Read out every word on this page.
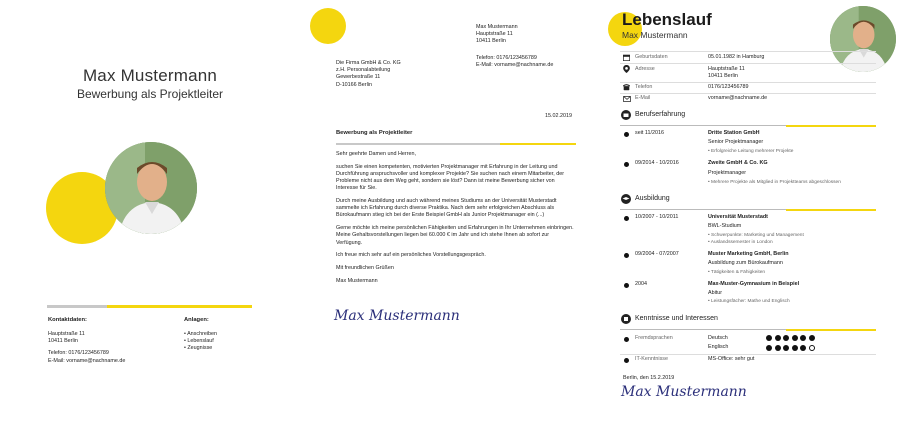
Max Mustermann
Bewerbung als Projektleiter
Kontaktdaten:
Hauptstraße 11
10411 Berlin
Telefon: 0176/123456789
E-Mail: vorname@nachname.de
Anlagen:
• Anschreiben
• Lebenslauf
• Zeugnisse
Max Mustermann
Hauptstraße 11
10411 Berlin
Telefon: 0176/123456789
E-Mail: vorname@nachname.de
Die Firma GmbH & Co. KG
z.H. Personalabteilung
Gewerbestraße 11
D-10166 Berlin
15.02.2019
Bewerbung als Projektleiter

Sehr geehrte Damen und Herren,

suchen Sie einen kompetenten, motivierten Projektmanager mit Erfahrung in der Leitung und Durchführung anspruchsvoller und komplexer Projekte? Sie suchen nach einem Mitarbeiter, der Probleme nicht aus dem Weg geht, sondern sie löst? Dann ist meine Bewerbung sicher von Interesse für Sie.

Durch meine Ausbildung und auch während meines Studiums an der Universität Musterstadt sammelte ich Erfahrung durch diverse Praktika. Nach dem sehr erfolgreichen Abschluss als Bürokaufmann stieg ich bei der Erste Beispiel GmbH als Junior Projektmanager ein (...)

Gerne möchte ich meine persönlichen Fähigkeiten und Erfahrungen in Ihr Unternehmen einbringen. Meine Gehaltsvorstellungen liegen bei 60.000 € im Jahr und ich stehe Ihnen ab sofort zur Verfügung.

Ich freue mich sehr auf ein persönliches Vorstellungsgespräch.

Mit freundlichen Grüßen

Max Mustermann

Max Mustermann
Lebenslauf
Max Mustermann
Geburtsdaten	05.01.1982 in Hamburg
Adresse	Hauptstraße 11
10411 Berlin
Telefon	0176/123456789
E-Mail	vorname@nachname.de
Berufserfahrung
seit 11/2016	Dritte Station GmbH
Senior Projektmanager
• Erfolgreiche Leitung mehrerer Projekte
09/2014 - 10/2016	Zweite GmbH & Co. KG
Projektmanager
• Mehrere Projekte als Mitglied in Projektteams abgeschlossen
Ausbildung
10/2007 - 10/2011	Universität Musterstadt
BWL-Studium
• Schwerpunkte: Marketing und Management
• Auslandssemester in London
09/2004 - 07/2007	Muster Marketing GmbH, Berlin
Ausbildung zum Bürokaufmann
• Tätigkeiten & Fähigkeiten
2004	Max-Muster-Gymnasium in Beispiel
Abitur
• Leistungsfächer: Mathe und Englisch
Kenntnisse und Interessen
Fremdsprachen	Deutsch
Englisch
IT-Kenntnisse	MS-Office: sehr gut
Berlin, den 15.2.2019
Max Mustermann
